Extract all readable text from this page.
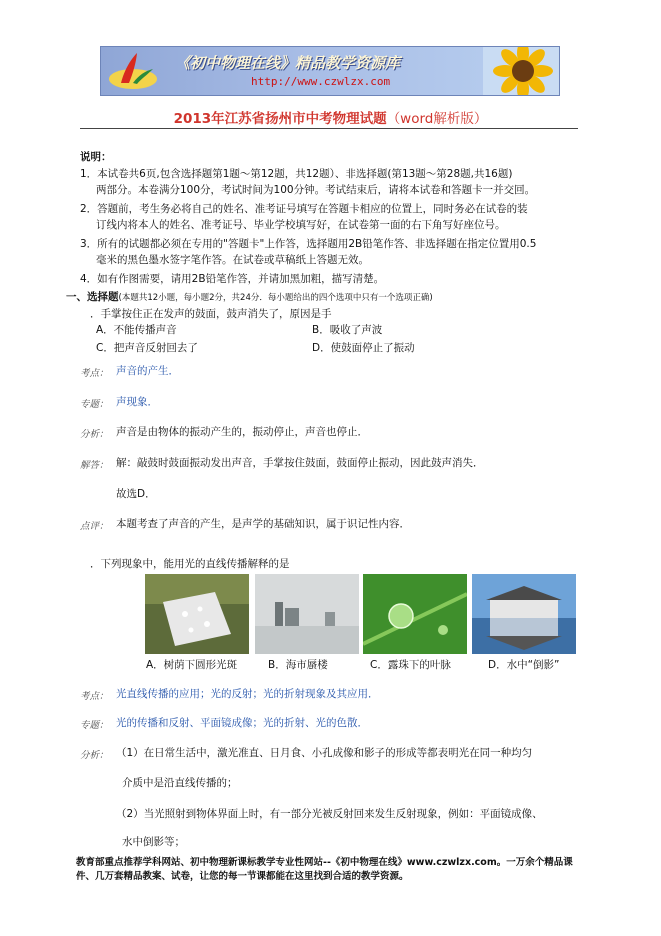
《初中物理在线》精品教学资源库
http://www.czwlzx.com
2013年江苏省扬州市中考物理试题（word解析版）
说明：
1．本试卷共6页,包含选择题第1题～第12题，共12题）、非选择题(第13题～第28题,共16题)
两部分。本卷满分100分，考试时间为100分钟。考试结束后，请将本试卷和答题卡一并交回。
2．答题前，考生务必将自己的姓名、准考证号填写在答题卡相应的位置上，同时务必在试卷的装
订线内将本人的姓名、准考证号、毕业学校填写好，在试卷第一面的右下角写好座位号。
3．所有的试题都必须在专用的"答题卡"上作答，选择题用2B铅笔作答、非选择题在指定位置用0.5
毫米的黑色墨水签字笔作答。在试卷或草稿纸上答题无效。
4．如有作图需要，请用2B铅笔作答，并请加黑加粗，描写清楚。
一、选择题(本题共12小题，每小题2分，共24分．每小题给出的四个选项中只有一个选项正确)
．手掌按住正在发声的鼓面，鼓声消失了，原因是手
A．不能传播声音	B．吸收了声波
C．把声音反射回去了	D．使鼓面停止了振动
考点： 声音的产生．
专题： 声现象．
分析： 声音是由物体的振动产生的，振动停止，声音也停止．
解答： 解：敲鼓时鼓面振动发出声音，手掌按住鼓面，鼓面停止振动，因此鼓声消失．
故选D．
点评： 本题考查了声音的产生，是声学的基础知识，属于识记性内容．
．下列现象中，能用光的直线传播解释的是
A．树荫下圆形光斑	B．海市蜃楼	C．露珠下的叶脉	D．水中“倒影”
考点： 光直线传播的应用；光的反射；光的折射现象及其应用．
专题： 光的传播和反射、平面镜成像；光的折射、光的色散．
分析： （1）在日常生活中，激光准直、日月食、小孔成像和影子的形成等都表明光在同一种均匀
介质中是沿直线传播的；
（2）当光照射到物体界面上时，有一部分光被反射回来发生反射现象，例如：平面镜成像、
水中倒影等；
教育部重点推荐学科网站、初中物理新课标教学专业性网站--《初中物理在线》www.czwlzx.com。一万余个精品课件、几万套精品教案、试卷，让您的每一节课都能在这里找到合适的教学资源。
